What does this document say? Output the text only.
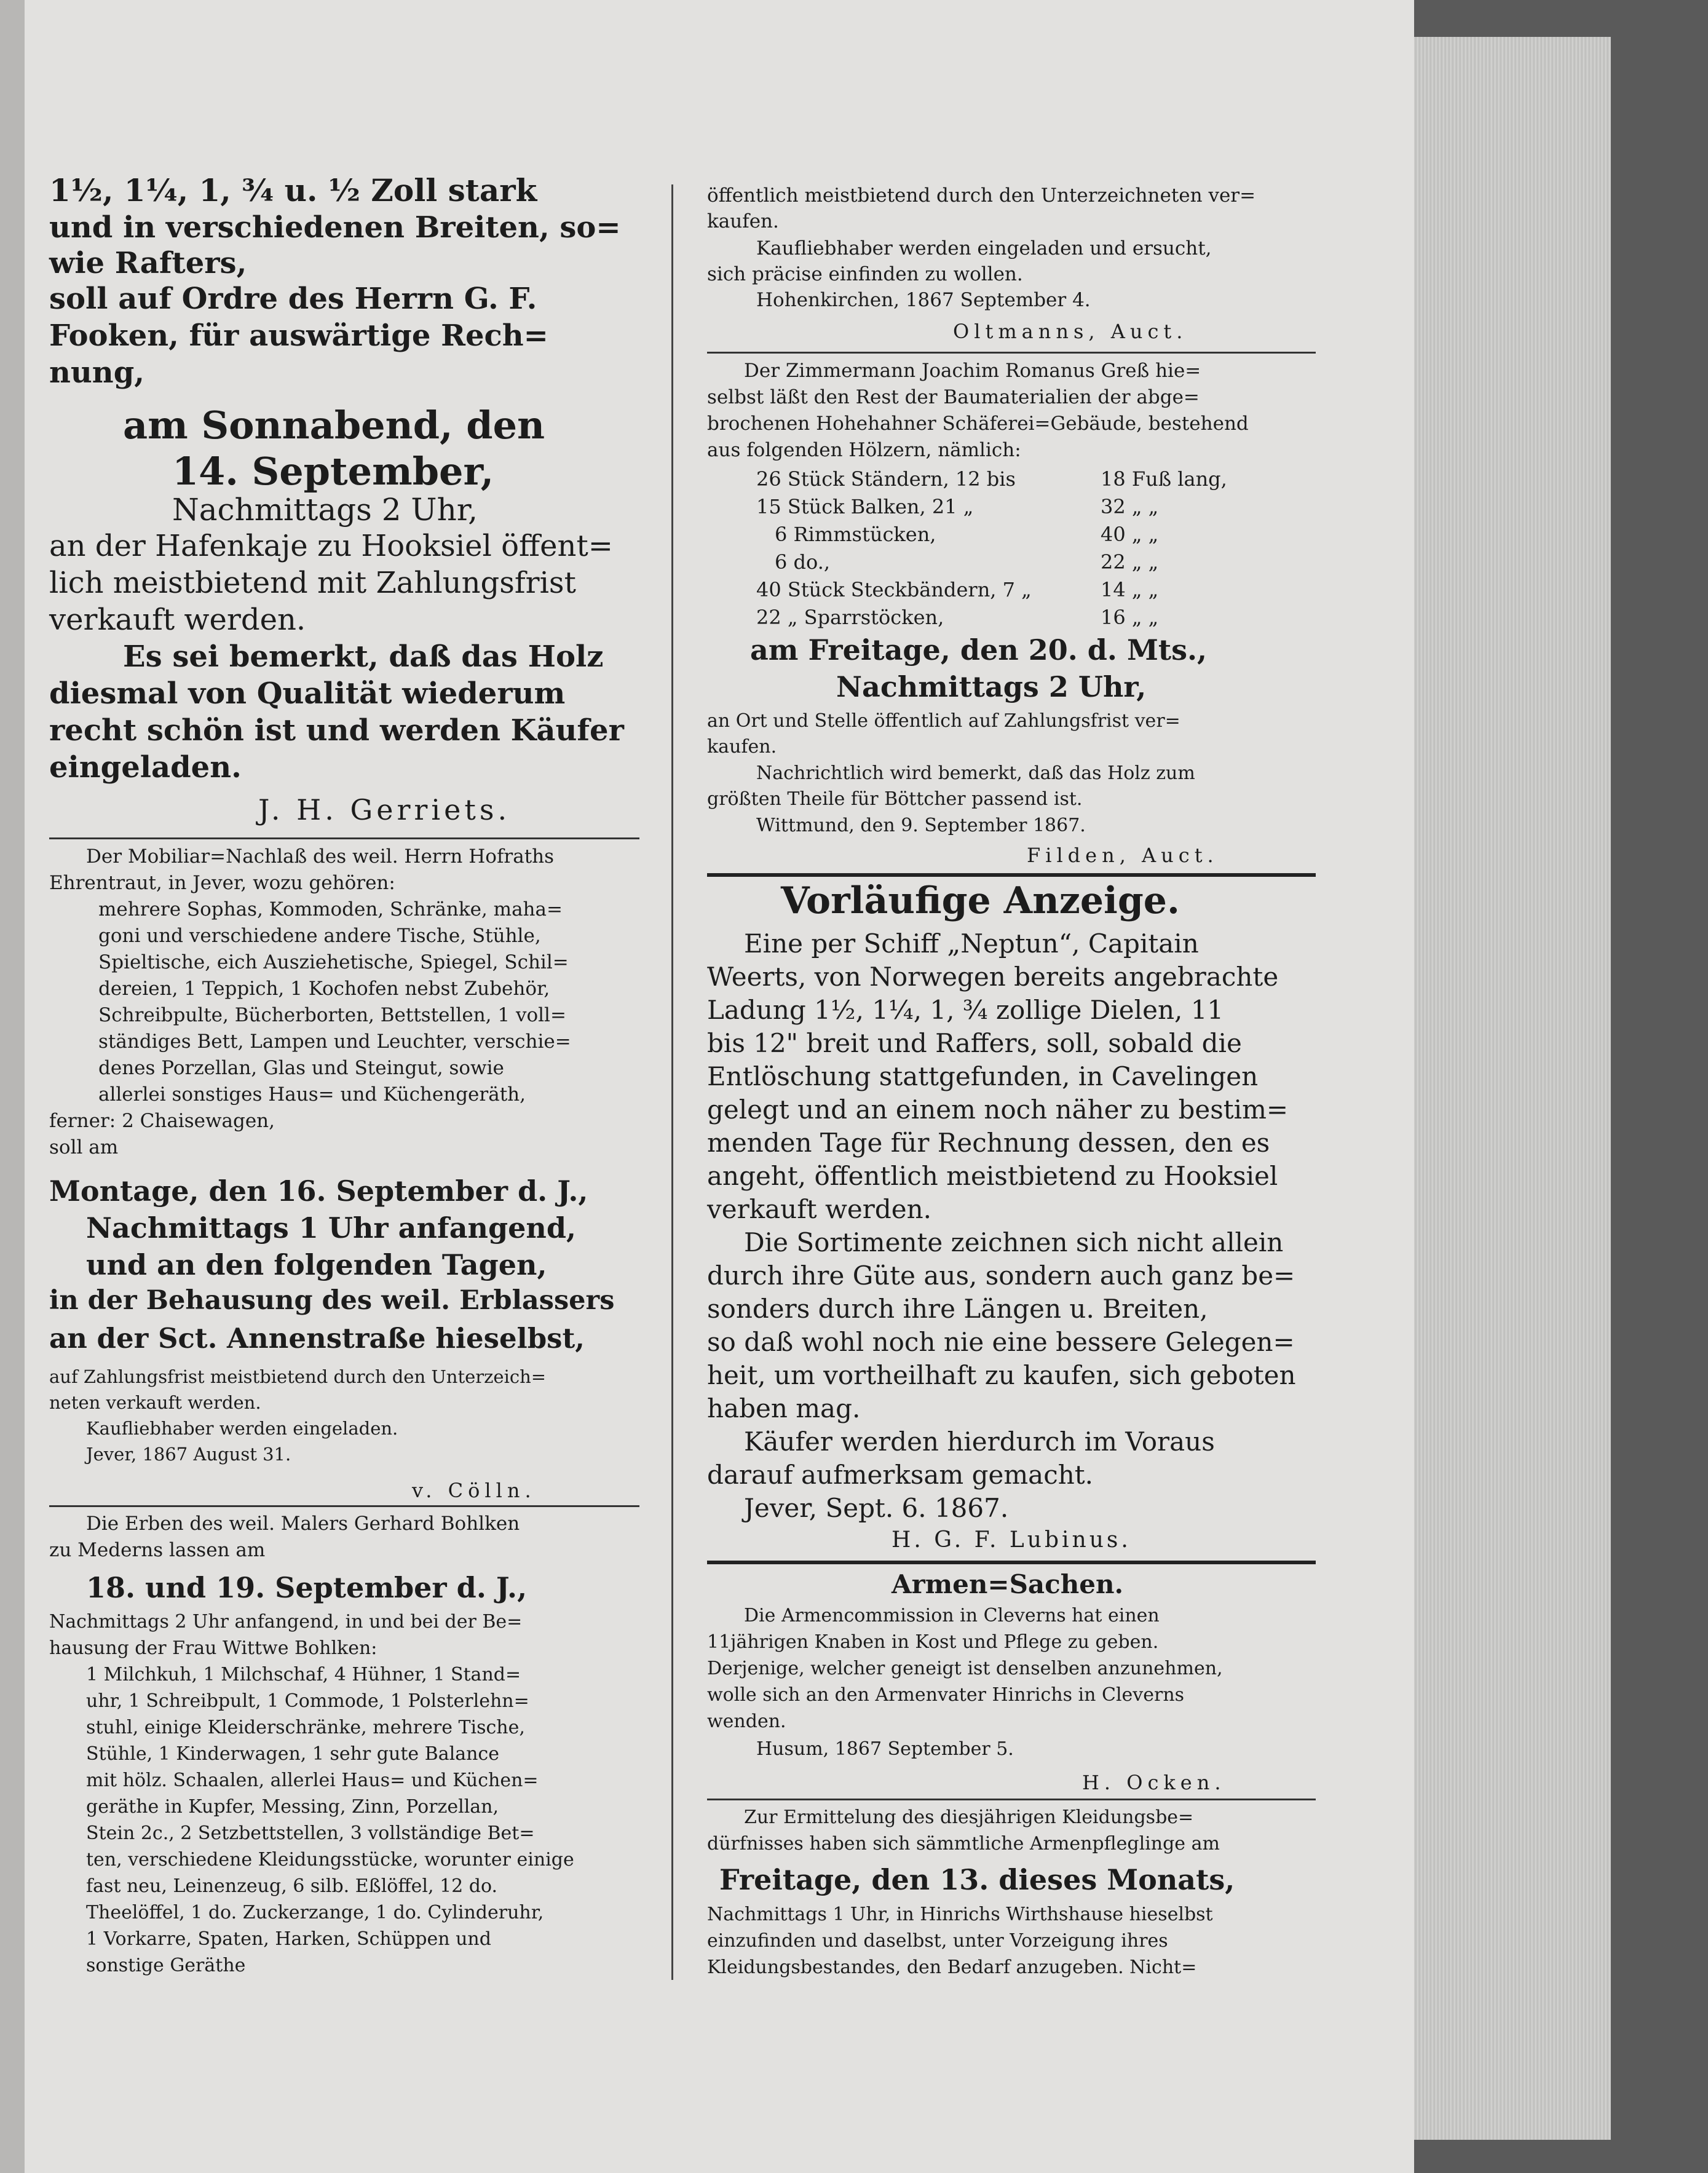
1½, 1¼, 1, ¾ u. ½ Zoll stark
und in verschiedenen Breiten, so=
wie Rafters,
soll auf Ordre des Herrn G. F.
Fooken, für auswärtige Rech=
nung,
am Sonnabend, den
14. September,
Nachmittags 2 Uhr,
an der Hafenkaje zu Hooksiel öffent=
lich meistbietend mit Zahlungsfrist
verkauft werden.
Es sei bemerkt, daß das Holz
diesmal von Qualität wiederum
recht schön ist und werden Käufer
eingeladen.
J. H. Gerriets.
Der Mobiliar=Nachlaß des weil. Herrn Hofraths
Ehrentraut, in Jever, wozu gehören:
mehrere Sophas, Kommoden, Schränke, maha=
goni und verschiedene andere Tische, Stühle,
Spieltische, eich Ausziehetische, Spiegel, Schil=
dereien, 1 Teppich, 1 Kochofen nebst Zubehör,
Schreibpulte, Bücherborten, Bettstellen, 1 voll=
ständiges Bett, Lampen und Leuchter, verschie=
denes Porzellan, Glas und Steingut, sowie
allerlei sonstiges Haus= und Küchengeräth,
ferner: 2 Chaisewagen,
soll am
Montage, den 16. September d. J.,
Nachmittags 1 Uhr anfangend,
und an den folgenden Tagen,
in der Behausung des weil. Erblassers
an der Sct. Annenstraße hieselbst,
auf Zahlungsfrist meistbietend durch den Unterzeich=
neten verkauft werden.
Kaufliebhaber werden eingeladen.
Jever, 1867 August 31.
v. Cölln.
Die Erben des weil. Malers Gerhard Bohlken
zu Mederns lassen am
18. und 19. September d. J.,
Nachmittags 2 Uhr anfangend, in und bei der Be=
hausung der Frau Wittwe Bohlken:
1 Milchkuh, 1 Milchschaf, 4 Hühner, 1 Stand=
uhr, 1 Schreibpult, 1 Commode, 1 Polsterlehn=
stuhl, einige Kleiderschränke, mehrere Tische,
Stühle, 1 Kinderwagen, 1 sehr gute Balance
mit hölz. Schaalen, allerlei Haus= und Küchen=
geräthe in Kupfer, Messing, Zinn, Porzellan,
Stein 2c., 2 Setzbettstellen, 3 vollständige Bet=
ten, verschiedene Kleidungsstücke, worunter einige
fast neu, Leinenzeug, 6 silb. Eßlöffel, 12 do.
Theelöffel, 1 do. Zuckerzange, 1 do. Cylinderuhr,
1 Vorkarre, Spaten, Harken, Schüppen und
sonstige Geräthe
öffentlich meistbietend durch den Unterzeichneten ver=
kaufen.
Kaufliebhaber werden eingeladen und ersucht,
sich präcise einfinden zu wollen.
Hohenkirchen, 1867 September 4.
Oltmanns, Auct.
Der Zimmermann Joachim Romanus Greß hie=
selbst läßt den Rest der Baumaterialien der abge=
brochenen Hohehahner Schäferei=Gebäude, bestehend
aus folgenden Hölzern, nämlich:
26 Stück Ständern, 12 bis	18 Fuß lang,
15 Stück Balken, 21 „	32 „ „
6 Rimmstücken,	40 „ „
6 do.,	22 „ „
40 Stück Steckbändern, 7 „	14 „ „
22 „ Sparrstöcken,	16 „ „
am Freitage, den 20. d. Mts.,
Nachmittags 2 Uhr,
an Ort und Stelle öffentlich auf Zahlungsfrist ver=
kaufen.
Nachrichtlich wird bemerkt, daß das Holz zum
größten Theile für Böttcher passend ist.
Wittmund, den 9. September 1867.
Filden, Auct.
Vorläufige Anzeige.
Eine per Schiff „Neptun“, Capitain
Weerts, von Norwegen bereits angebrachte
Ladung 1½, 1¼, 1, ¾ zollige Dielen, 11
bis 12" breit und Raffers, soll, sobald die
Entlöschung stattgefunden, in Cavelingen
gelegt und an einem noch näher zu bestim=
menden Tage für Rechnung dessen, den es
angeht, öffentlich meistbietend zu Hooksiel
verkauft werden.
Die Sortimente zeichnen sich nicht allein
durch ihre Güte aus, sondern auch ganz be=
sonders durch ihre Längen u. Breiten,
so daß wohl noch nie eine bessere Gelegen=
heit, um vortheilhaft zu kaufen, sich geboten
haben mag.
Käufer werden hierdurch im Voraus
darauf aufmerksam gemacht.
Jever, Sept. 6. 1867.
H. G. F. Lubinus.
Armen=Sachen.
Die Armencommission in Cleverns hat einen
11jährigen Knaben in Kost und Pflege zu geben.
Derjenige, welcher geneigt ist denselben anzunehmen,
wolle sich an den Armenvater Hinrichs in Cleverns
wenden.
Husum, 1867 September 5.
H. Ocken.
Zur Ermittelung des diesjährigen Kleidungsbe=
dürfnisses haben sich sämmtliche Armenpfleglinge am
Freitage, den 13. dieses Monats,
Nachmittags 1 Uhr, in Hinrichs Wirthshause hieselbst
einzufinden und daselbst, unter Vorzeigung ihres
Kleidungsbestandes, den Bedarf anzugeben. Nicht=
